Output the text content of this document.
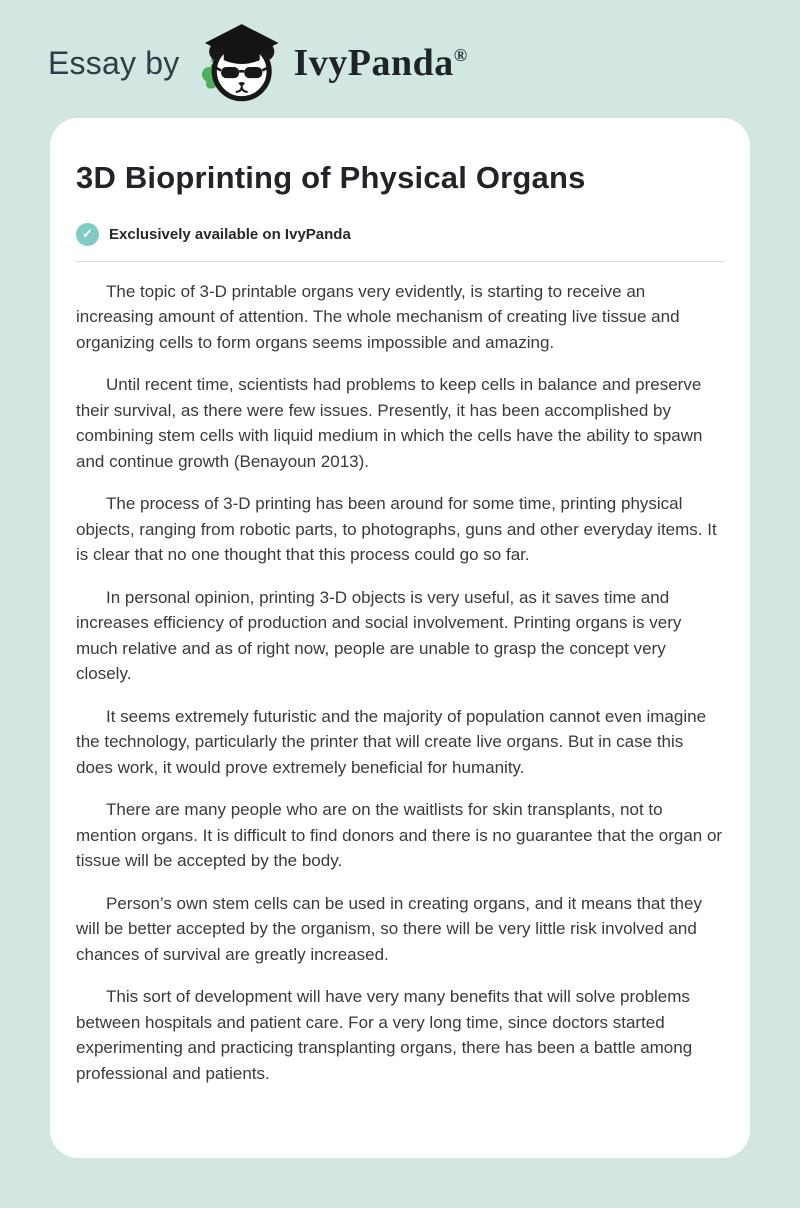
Essay by	IvyPanda®
3D Bioprinting of Physical Organs
✓	Exclusively available on IvyPanda

The topic of 3-D printable organs very evidently, is starting to receive an increasing amount of attention. The whole mechanism of creating live tissue and organizing cells to form organs seems impossible and amazing.

Until recent time, scientists had problems to keep cells in balance and preserve their survival, as there were few issues. Presently, it has been accomplished by combining stem cells with liquid medium in which the cells have the ability to spawn and continue growth (Benayoun 2013).

The process of 3-D printing has been around for some time, printing physical objects, ranging from robotic parts, to photographs, guns and other everyday items. It is clear that no one thought that this process could go so far.

In personal opinion, printing 3-D objects is very useful, as it saves time and increases efficiency of production and social involvement. Printing organs is very much relative and as of right now, people are unable to grasp the concept very closely.

It seems extremely futuristic and the majority of population cannot even imagine the technology, particularly the printer that will create live organs. But in case this does work, it would prove extremely beneficial for humanity.

There are many people who are on the waitlists for skin transplants, not to mention organs. It is difficult to find donors and there is no guarantee that the organ or tissue will be accepted by the body.

Person’s own stem cells can be used in creating organs, and it means that they will be better accepted by the organism, so there will be very little risk involved and chances of survival are greatly increased.

This sort of development will have very many benefits that will solve problems between hospitals and patient care. For a very long time, since doctors started experimenting and practicing transplanting organs, there has been a battle among professional and patients.
